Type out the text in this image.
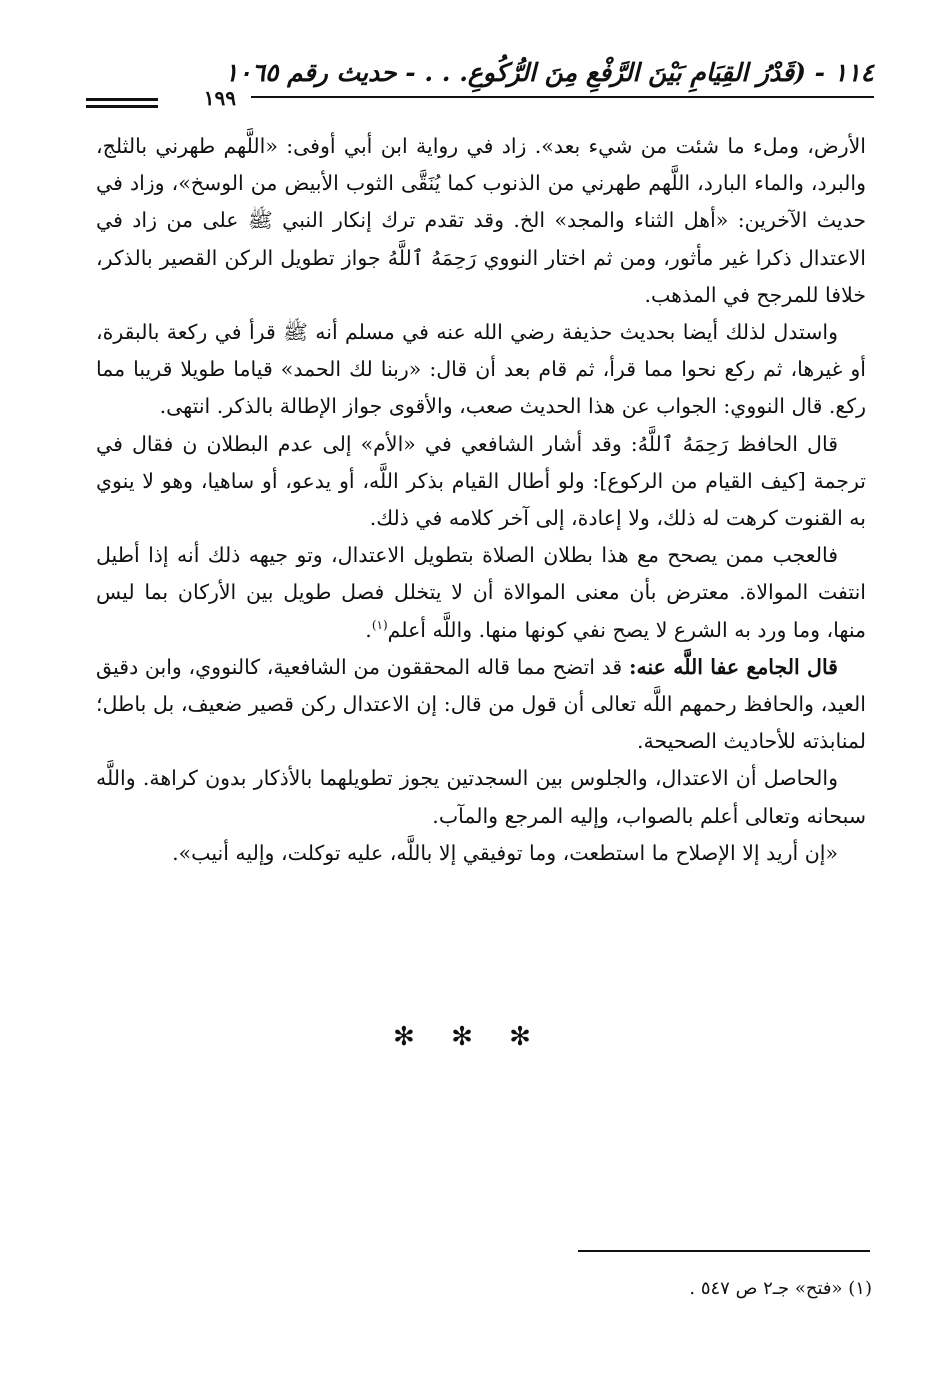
١١٤ - (قَدْرُ القِيَامِ بَيْنَ الرَّفْعِ مِنَ الرُّكُوعِ. . . - حديث رقم ١٠٦٥
١٩٩

الأرض، وملء ما شئت من شيء بعد». زاد في رواية ابن أبي أوفى: «اللَّهم طهرني بالثلج، والبرد، والماء البارد، اللَّهم طهرني من الذنوب كما يُنَقَّى الثوب الأبيض من الوسخ»، وزاد في حديث الآخرين: «أهل الثناء والمجد» الخ. وقد تقدم ترك إنكار النبي ﷺ على من زاد في الاعتدال ذكرا غير مأثور، ومن ثم اختار النووي رَحِمَهُ ٱللَّهُ جواز تطويل الركن القصير بالذكر، خلافا للمرجح في المذهب.

واستدل لذلك أيضا بحديث حذيفة رضي الله عنه في مسلم أنه ﷺ قرأ في ركعة بالبقرة، أو غيرها، ثم ركع نحوا مما قرأ، ثم قام بعد أن قال: «ربنا لك الحمد» قياما طويلا قريبا مما ركع. قال النووي: الجواب عن هذا الحديث صعب، والأقوى جواز الإطالة بالذكر. انتهى.

قال الحافظ رَحِمَهُ ٱللَّهُ: وقد أشار الشافعي في «الأم» إلى عدم البطلان ن فقال في ترجمة [كيف القيام من الركوع]: ولو أطال القيام بذكر اللَّه، أو يدعو، أو ساهيا، وهو لا ينوي به القنوت كرهت له ذلك، ولا إعادة، إلى آخر كلامه في ذلك.

فالعجب ممن يصحح مع هذا بطلان الصلاة بتطويل الاعتدال، وتو جيهه ذلك أنه إذا أطيل انتفت الموالاة. معترض بأن معنى الموالاة أن لا يتخلل فصل طويل بين الأركان بما ليس منها، وما ورد به الشرع لا يصح نفي كونها منها. واللَّه أعلم$^{(١)}$.

قال الجامع عفا اللَّه عنه: قد اتضح مما قاله المحققون من الشافعية، كالنووي، وابن دقيق العيد، والحافظ رحمهم اللَّه تعالى أن قول من قال: إن الاعتدال ركن قصير ضعيف، بل باطل؛ لمنابذته للأحاديث الصحيحة.

والحاصل أن الاعتدال، والجلوس بين السجدتين يجوز تطويلهما بالأذكار بدون كراهة. واللَّه سبحانه وتعالى أعلم بالصواب، وإليه المرجع والمآب.

«إن أريد إلا الإصلاح ما استطعت، وما توفيقي إلا باللَّه، عليه توكلت، وإليه أنيب».

✻ ✻ ✻
(١) «فتح» جـ٢ ص ٥٤٧ .
